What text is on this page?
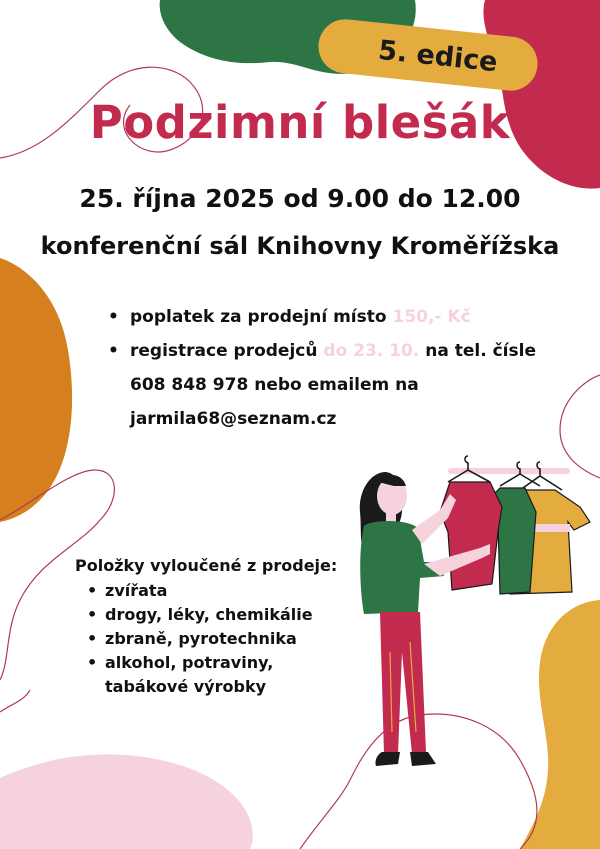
5. edice
Podzimní blešák
25. října 2025 od 9.00 do 12.00
konferenční sál Knihovny Kroměřížska
• poplatek za prodejní místo 150,- Kč
• registrace prodejců do 23. 10. na tel. čísle
608 848 978 nebo emailem na
jarmila68@seznam.cz
Položky vyloučené z prodeje:
• zvířata
• drogy, léky, chemikálie
• zbraně, pyrotechnika
• alkohol, potraviny,
tabákové výrobky
